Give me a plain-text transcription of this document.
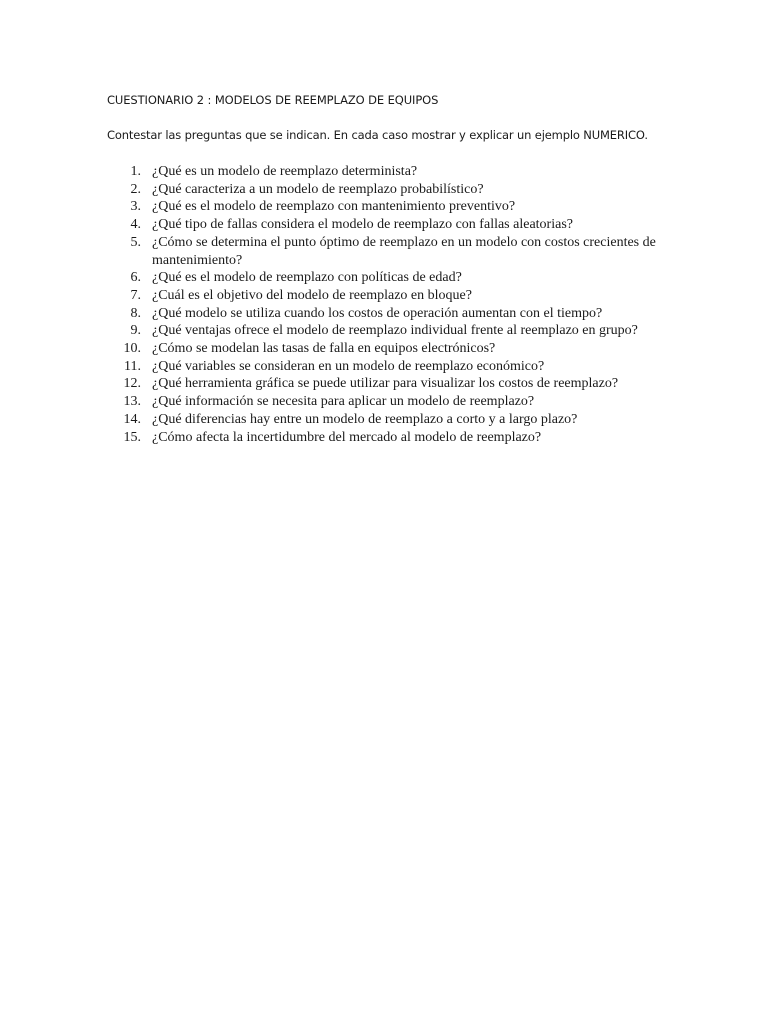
CUESTIONARIO 2 : MODELOS DE REEMPLAZO DE EQUIPOS

Contestar las preguntas que se indican. En cada caso mostrar y explicar un ejemplo NUMERICO.

1. ¿Qué es un modelo de reemplazo determinista?
2. ¿Qué caracteriza a un modelo de reemplazo probabilístico?
3. ¿Qué es el modelo de reemplazo con mantenimiento preventivo?
4. ¿Qué tipo de fallas considera el modelo de reemplazo con fallas aleatorias?
5. ¿Cómo se determina el punto óptimo de reemplazo en un modelo con costos crecientes de mantenimiento?
6. ¿Qué es el modelo de reemplazo con políticas de edad?
7. ¿Cuál es el objetivo del modelo de reemplazo en bloque?
8. ¿Qué modelo se utiliza cuando los costos de operación aumentan con el tiempo?
9. ¿Qué ventajas ofrece el modelo de reemplazo individual frente al reemplazo en grupo?
10. ¿Cómo se modelan las tasas de falla en equipos electrónicos?
11. ¿Qué variables se consideran en un modelo de reemplazo económico?
12. ¿Qué herramienta gráfica se puede utilizar para visualizar los costos de reemplazo?
13. ¿Qué información se necesita para aplicar un modelo de reemplazo?
14. ¿Qué diferencias hay entre un modelo de reemplazo a corto y a largo plazo?
15. ¿Cómo afecta la incertidumbre del mercado al modelo de reemplazo?
